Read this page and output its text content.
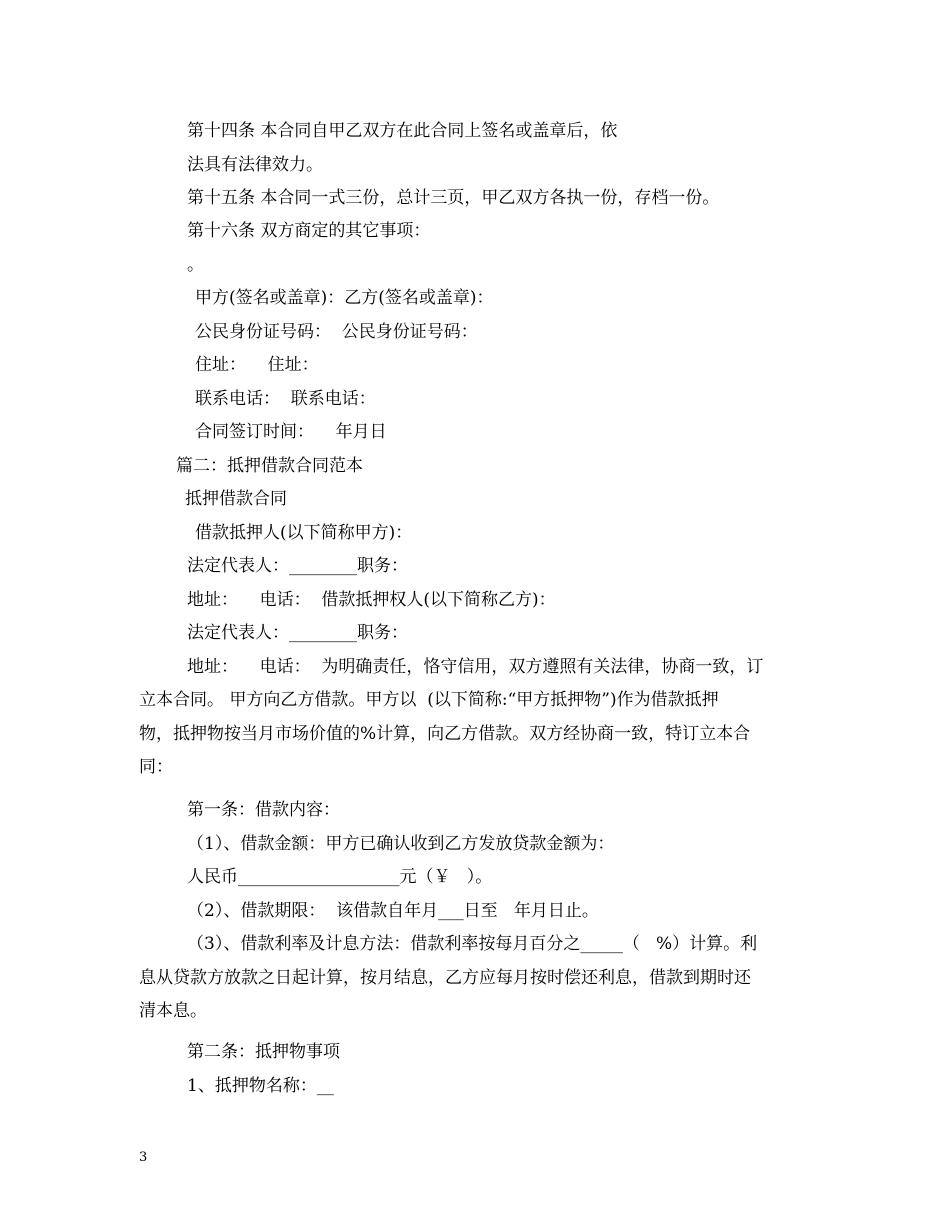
第十四条 本合同自甲乙双方在此合同上签名或盖章后，依
法具有法律效力。
第十五条 本合同一式三份，总计三页，甲乙双方各执一份，存档一份。
第十六条 双方商定的其它事项：
。
甲方(签名或盖章)：乙方(签名或盖章)：
公民身份证号码：  公民身份证号码：
住址：    住址：
联系电话：  联系电话：
合同签订时间：    年月日
篇二：抵押借款合同范本
抵押借款合同
借款抵押人(以下简称甲方)：
法定代表人：________职务：
地址：    电话：  借款抵押权人(以下简称乙方)：
法定代表人：________职务：
地址：    电话：  为明确责任，恪守信用，双方遵照有关法律，协商一致，订
立本合同。 甲方向乙方借款。甲方以  (以下简称:“甲方抵押物”)作为借款抵押
物，抵押物按当月市场价值的%计算，向乙方借款。双方经协商一致，特订立本合
同：
第一条：借款内容：
（1）、借款金额：甲方已确认收到乙方发放贷款金额为：
人民币___________________元（￥   ）。
（2）、借款期限：  该借款自年月___日至   年月日止。
（3）、借款利率及计息方法：借款利率按每月百分之_____（   %）计算。利
息从贷款方放款之日起计算，按月结息，乙方应每月按时偿还利息，借款到期时还
清本息。
第二条：抵押物事项
1、抵押物名称：__
3
